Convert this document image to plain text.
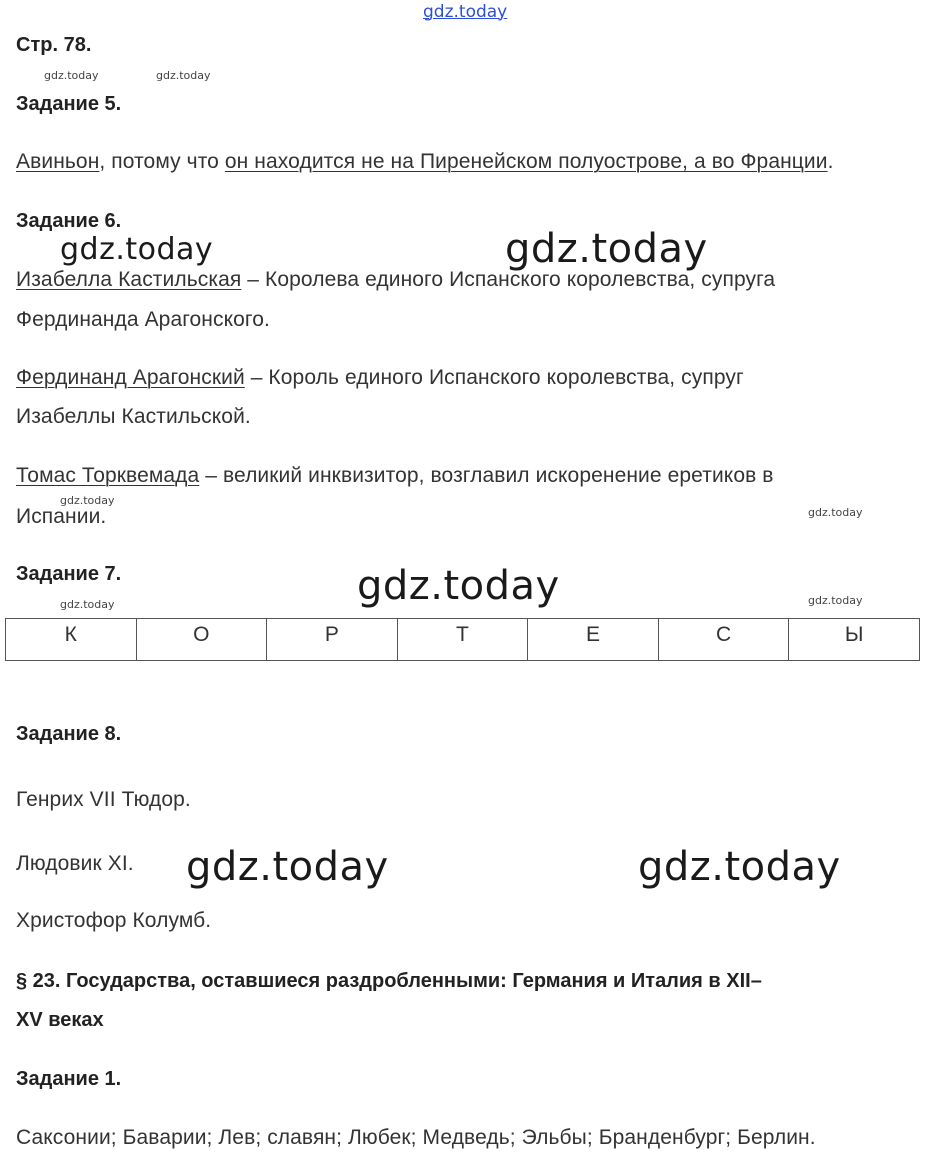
gdz.today
Стр. 78.
gdz.today	gdz.today
Задание 5.
Авиньон, потому что он находится не на Пиренейском полуострове, а во Франции.
Задание 6.
gdz.today	gdz.today
Изабелла Кастильская – Королева единого Испанского королевства, супруга
Фердинанда Арагонского.
Фердинанд Арагонский – Король единого Испанского королевства, супруг
Изабеллы Кастильской.
Томас Торквемада – великий инквизитор, возглавил искоренение еретиков в
gdz.today
Испании.	gdz.today
Задание 7.	gdz.today
gdz.today	gdz.today
К	О	Р	Т	Е	С	Ы
Задание 8.
Генрих VII Тюдор.
Людовик XI. gdz.today	gdz.today
Христофор Колумб.
§ 23. Государства, оставшиеся раздробленными: Германия и Италия в XII–
XV веках
Задание 1.
Саксонии; Баварии; Лев; славян; Любек; Медведь; Эльбы; Бранденбург; Берлин.
